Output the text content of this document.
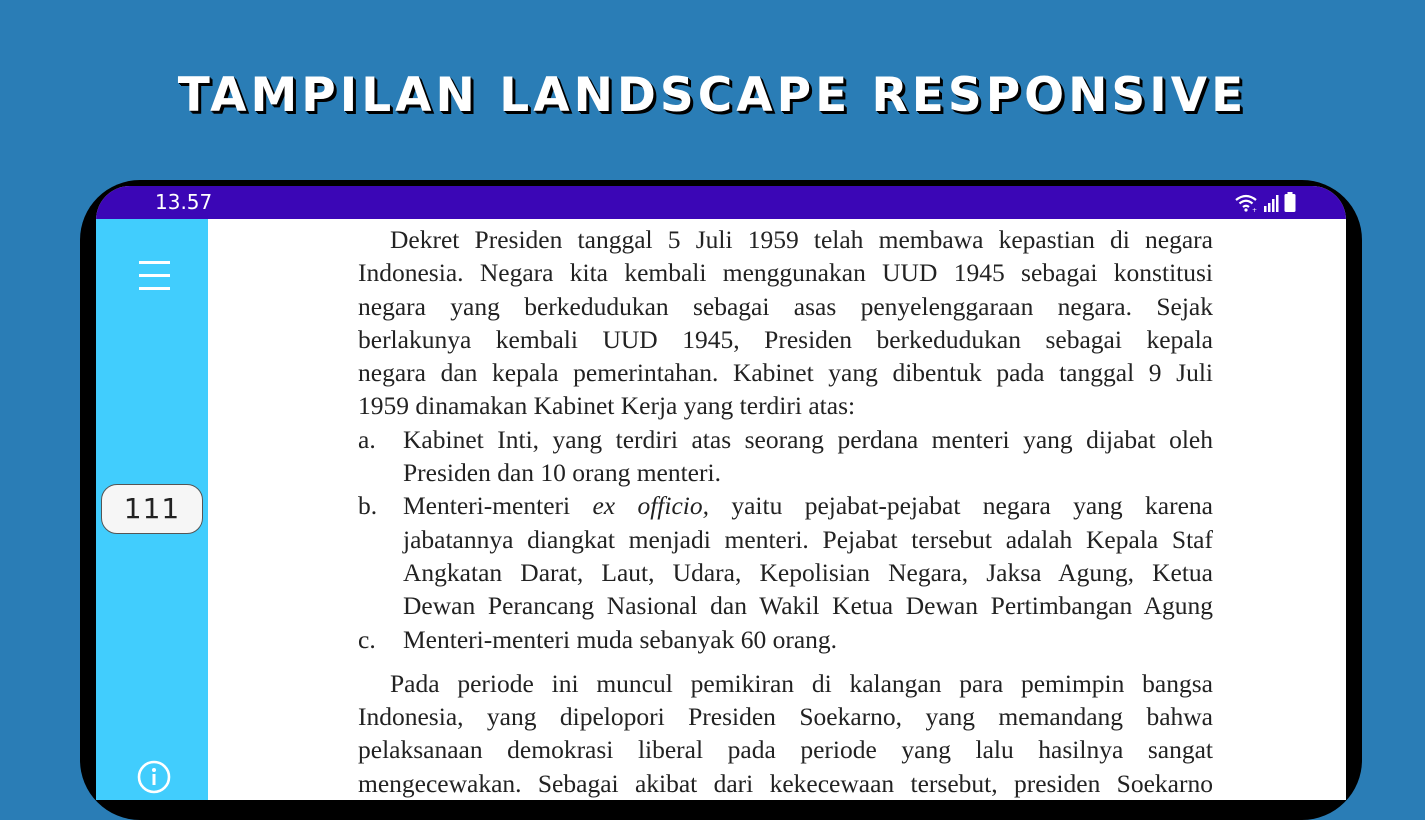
TAMPILAN LANDSCAPE RESPONSIVE
13.57	+
111

Dekret Presiden tanggal 5 Juli 1959 telah membawa kepastian di negara

Indonesia. Negara kita kembali menggunakan UUD 1945 sebagai konstitusi

negara yang berkedudukan sebagai asas penyelenggaraan negara. Sejak

berlakunya kembali UUD 1945, Presiden berkedudukan sebagai kepala

negara dan kepala pemerintahan. Kabinet yang dibentuk pada tanggal 9 Juli

1959 dinamakan Kabinet Kerja yang terdiri atas:

a.	Kabinet Inti, yang terdiri atas seorang perdana menteri yang dijabat oleh
Presiden dan 10 orang menteri.
b.	Menteri-menteri ex officio, yaitu pejabat-pejabat negara yang karena
jabatannya diangkat menjadi menteri. Pejabat tersebut adalah Kepala Staf
Angkatan Darat, Laut, Udara, Kepolisian Negara, Jaksa Agung, Ketua
Dewan Perancang Nasional dan Wakil Ketua Dewan Pertimbangan Agung
c.	Menteri-menteri muda sebanyak 60 orang.

Pada periode ini muncul pemikiran di kalangan para pemimpin bangsa

Indonesia, yang dipelopori Presiden Soekarno, yang memandang bahwa

pelaksanaan demokrasi liberal pada periode yang lalu hasilnya sangat

mengecewakan. Sebagai akibat dari kekecewaan tersebut, presiden Soekarno
